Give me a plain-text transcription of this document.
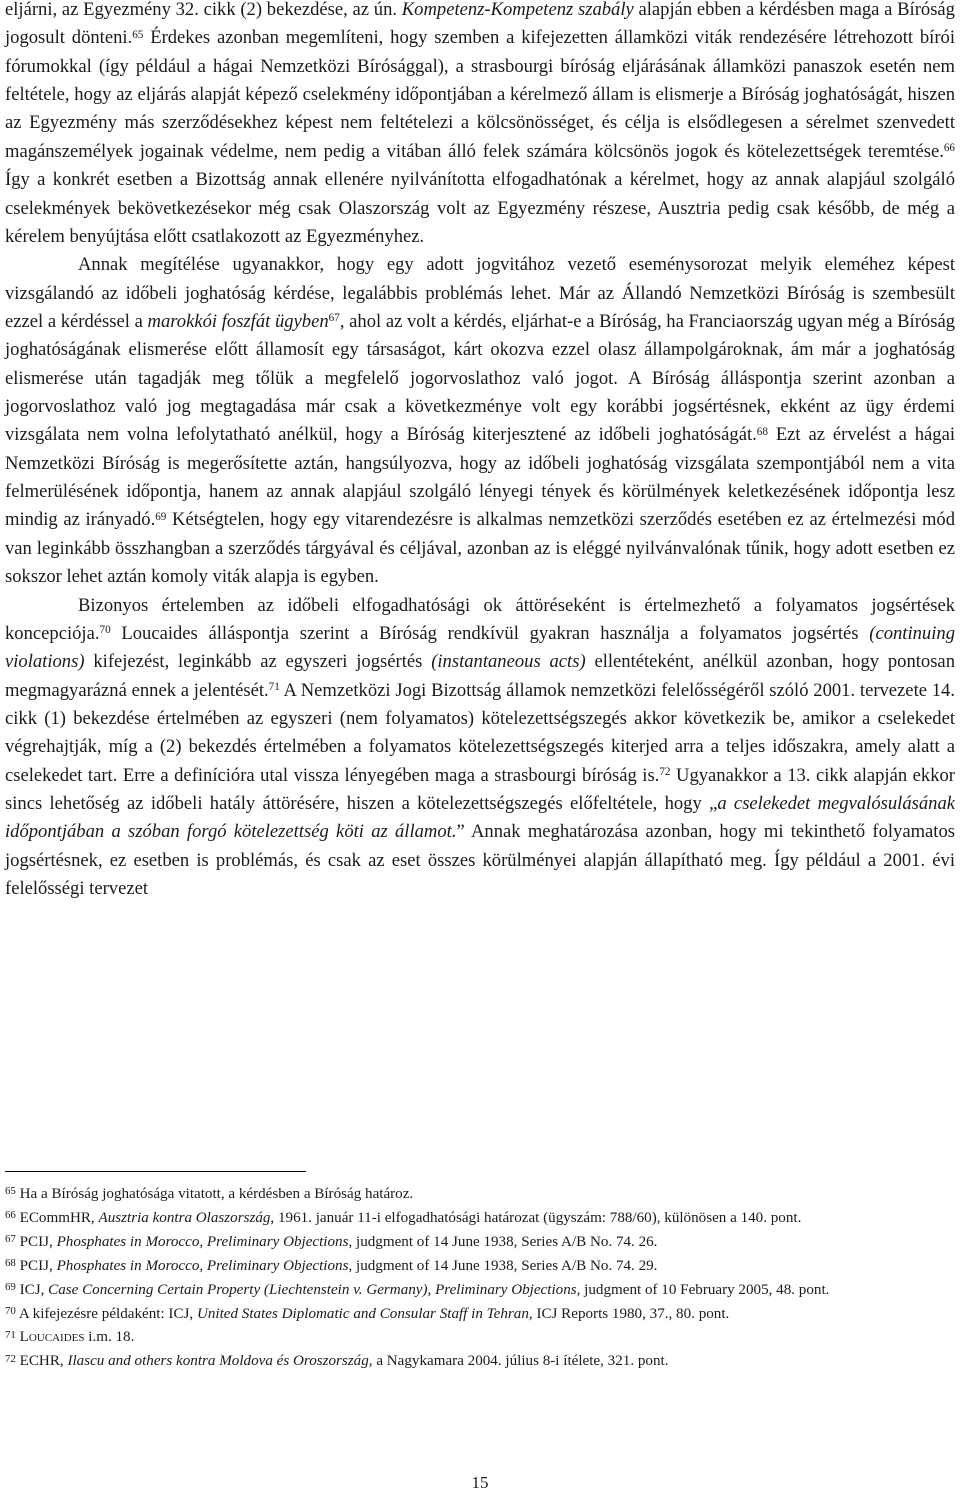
eljárni, az Egyezmény 32. cikk (2) bekezdése, az ún. Kompetenz-Kompetenz szabály alapján ebben a kérdésben maga a Bíróság jogosult dönteni.$^{65}$ Érdekes azonban megemlíteni, hogy szemben a kifejezetten államközi viták rendezésére létrehozott bírói fórumokkal (így például a hágai Nemzetközi Bírósággal), a strasbourgi bíróság eljárásának államközi panaszok esetén nem feltétele, hogy az eljárás alapját képező cselekmény időpontjában a kérelmező állam is elismerje a Bíróság joghatóságát, hiszen az Egyezmény más szerződésekhez képest nem feltételezi a kölcsönösséget, és célja is elsődlegesen a sérelmet szenvedett magánszemélyek jogainak védelme, nem pedig a vitában álló felek számára kölcsönös jogok és kötelezettségek teremtése.$^{66}$ Így a konkrét esetben a Bizottság annak ellenére nyilvánította elfogadhatónak a kérelmet, hogy az annak alapjául szolgáló cselekmények bekövetkezésekor még csak Olaszország volt az Egyezmény részese, Ausztria pedig csak később, de még a kérelem benyújtása előtt csatlakozott az Egyezményhez.

Annak megítélése ugyanakkor, hogy egy adott jogvitához vezető eseménysorozat melyik eleméhez képest vizsgálandó az időbeli joghatóság kérdése, legalábbis problémás lehet. Már az Állandó Nemzetközi Bíróság is szembesült ezzel a kérdéssel a marokkói foszfát ügyben$^{67}$, ahol az volt a kérdés, eljárhat-e a Bíróság, ha Franciaország ugyan még a Bíróság joghatóságának elismerése előtt államosít egy társaságot, kárt okozva ezzel olasz állampolgároknak, ám már a joghatóság elismerése után tagadják meg tőlük a megfelelő jogorvoslathoz való jogot. A Bíróság álláspontja szerint azonban a jogorvoslathoz való jog megtagadása már csak a következménye volt egy korábbi jogsértésnek, ekként az ügy érdemi vizsgálata nem volna lefolytatható anélkül, hogy a Bíróság kiterjesztené az időbeli joghatóságát.$^{68}$ Ezt az érvelést a hágai Nemzetközi Bíróság is megerősítette aztán, hangsúlyozva, hogy az időbeli joghatóság vizsgálata szempontjából nem a vita felmerülésének időpontja, hanem az annak alapjául szolgáló lényegi tények és körülmények keletkezésének időpontja lesz mindig az irányadó.$^{69}$ Kétségtelen, hogy egy vitarendezésre is alkalmas nemzetközi szerződés esetében ez az értelmezési mód van leginkább összhangban a szerződés tárgyával és céljával, azonban az is eléggé nyilvánvalónak tűnik, hogy adott esetben ez sokszor lehet aztán komoly viták alapja is egyben.

Bizonyos értelemben az időbeli elfogadhatósági ok áttöréseként is értelmezhető a folyamatos jogsértések koncepciója.$^{70}$ Loucaides álláspontja szerint a Bíróság rendkívül gyakran használja a folyamatos jogsértés (continuing violations) kifejezést, leginkább az egyszeri jogsértés (instantaneous acts) ellentéteként, anélkül azonban, hogy pontosan megmagyarázná ennek a jelentését.$^{71}$ A Nemzetközi Jogi Bizottság államok nemzetközi felelősségéről szóló 2001. tervezete 14. cikk (1) bekezdése értelmében az egyszeri (nem folyamatos) kötelezettségszegés akkor következik be, amikor a cselekedet végrehajtják, míg a (2) bekezdés értelmében a folyamatos kötelezettségszegés kiterjed arra a teljes időszakra, amely alatt a cselekedet tart. Erre a definícióra utal vissza lényegében maga a strasbourgi bíróság is.$^{72}$ Ugyanakkor a 13. cikk alapján ekkor sincs lehetőség az időbeli hatály áttörésére, hiszen a kötelezettségszegés előfeltétele, hogy „a cselekedet megvalósulásának időpontjában a szóban forgó kötelezettség köti az államot.” Annak meghatározása azonban, hogy mi tekinthető folyamatos jogsértésnek, ez esetben is problémás, és csak az eset összes körülményei alapján állapítható meg. Így például a 2001. évi felelősségi tervezet

$^{65}$ Ha a Bíróság joghatósága vitatott, a kérdésben a Bíróság határoz.

$^{66}$ ECommHR, Ausztria kontra Olaszország, 1961. január 11-i elfogadhatósági határozat (ügyszám: 788/60), különösen a 140. pont.

$^{67}$ PCIJ, Phosphates in Morocco, Preliminary Objections, judgment of 14 June 1938, Series A/B No. 74. 26.

$^{68}$ PCIJ, Phosphates in Morocco, Preliminary Objections, judgment of 14 June 1938, Series A/B No. 74. 29.

$^{69}$ ICJ, Case Concerning Certain Property (Liechtenstein v. Germany), Preliminary Objections, judgment of 10 February 2005, 48. pont.

$^{70}$ A kifejezésre példaként: ICJ, United States Diplomatic and Consular Staff in Tehran, ICJ Reports 1980, 37., 80. pont.

$^{71}$ Loucaides i.m. 18.

$^{72}$ ECHR, Ilascu and others kontra Moldova és Oroszország, a Nagykamara 2004. július 8-i ítélete, 321. pont.

15
